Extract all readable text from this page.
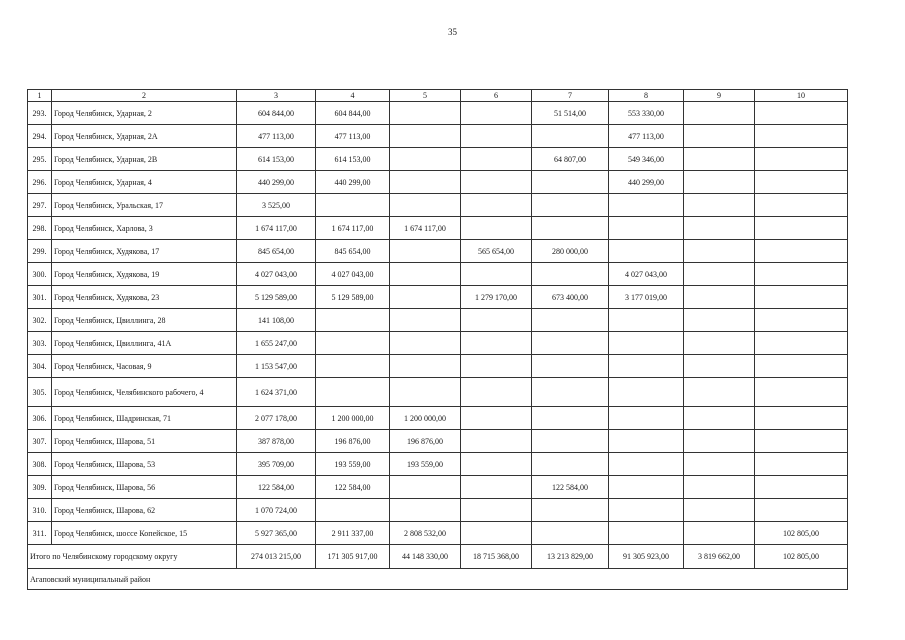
35
1	2	3	4	5	6	7	8	9	10
293.	Город Челябинск, Ударная, 2	604 844,00	604 844,00			51 514,00	553 330,00		
294.	Город Челябинск, Ударная, 2А	477 113,00	477 113,00				477 113,00		
295.	Город Челябинск, Ударная, 2В	614 153,00	614 153,00			64 807,00	549 346,00		
296.	Город Челябинск, Ударная, 4	440 299,00	440 299,00				440 299,00		
297.	Город Челябинск, Уральская, 17	3 525,00							
298.	Город Челябинск, Харлова, 3	1 674 117,00	1 674 117,00	1 674 117,00					
299.	Город Челябинск, Худякова, 17	845 654,00	845 654,00		565 654,00	280 000,00			
300.	Город Челябинск, Худякова, 19	4 027 043,00	4 027 043,00				4 027 043,00		
301.	Город Челябинск, Худякова, 23	5 129 589,00	5 129 589,00		1 279 170,00	673 400,00	3 177 019,00		
302.	Город Челябинск, Цвиллинга, 28	141 108,00							
303.	Город Челябинск, Цвиллинга, 41А	1 655 247,00							
304.	Город Челябинск, Часовая, 9	1 153 547,00							
305.	Город Челябинск, Челябинского рабочего, 4	1 624 371,00							
306.	Город Челябинск, Шадринская, 71	2 077 178,00	1 200 000,00	1 200 000,00					
307.	Город Челябинск, Шарова, 51	387 878,00	196 876,00	196 876,00					
308.	Город Челябинск, Шарова, 53	395 709,00	193 559,00	193 559,00					
309.	Город Челябинск, Шарова, 56	122 584,00	122 584,00			122 584,00			
310.	Город Челябинск, Шарова, 62	1 070 724,00							
311.	Город Челябинск, шоссе Копейское, 15	5 927 365,00	2 911 337,00	2 808 532,00					102 805,00
Итого по Челябинскому городскому округу		274 013 215,00	171 305 917,00	44 148 330,00	18 715 368,00	13 213 829,00	91 305 923,00	3 819 662,00	102 805,00
Агаповский муниципальный район									
